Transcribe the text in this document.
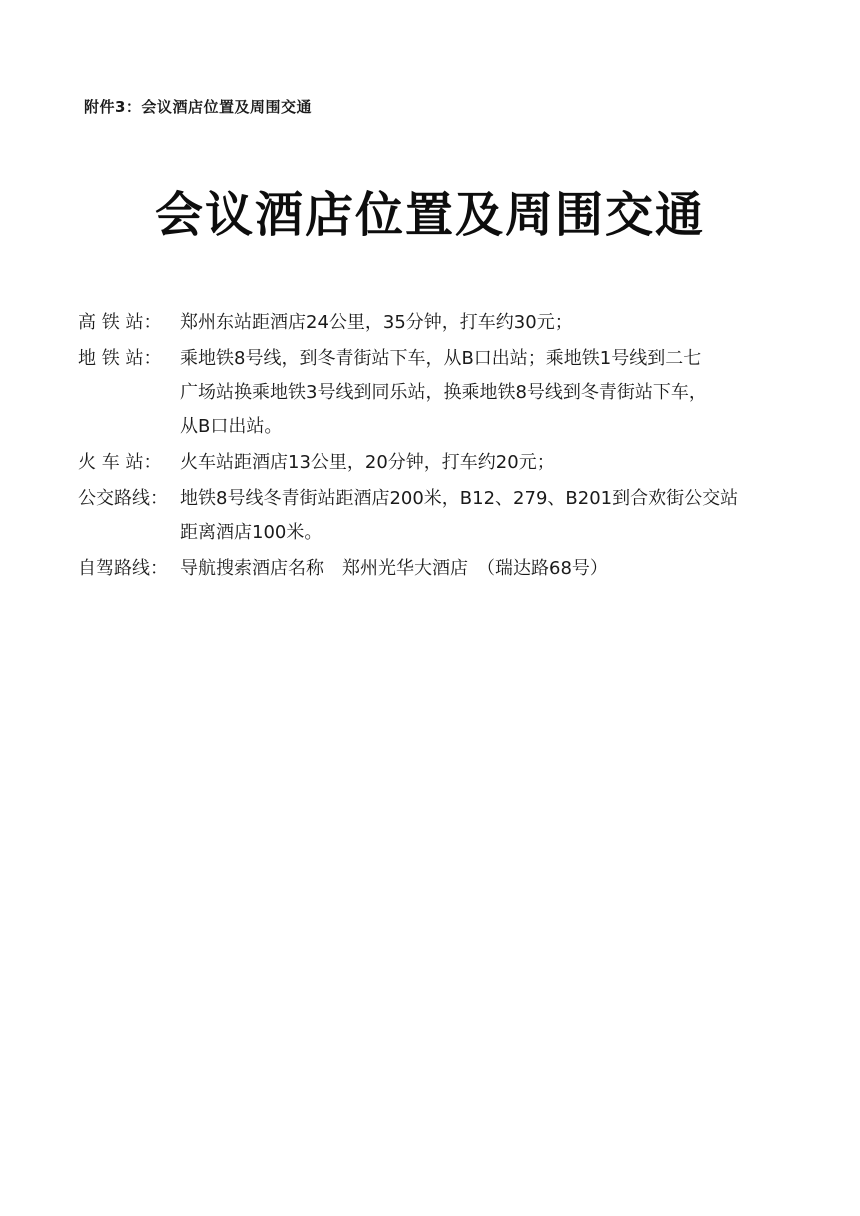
附件3：会议酒店位置及周围交通
会议酒店位置及周围交通
高 铁 站：	郑州东站距酒店24公里，35分钟，打车约30元；
地 铁 站：	乘地铁8号线，到冬青街站下车，从B口出站；乘地铁1号线到二七
广场站换乘地铁3号线到同乐站，换乘地铁8号线到冬青街站下车，
从B口出站。
火 车 站：	火车站距酒店13公里，20分钟，打车约20元；
公交路线： 地铁8号线冬青街站距酒店200米，B12、279、B201到合欢街公交站
距离酒店100米。
自驾路线： 导航搜索酒店名称　郑州光华大酒店　（瑞达路68号）
